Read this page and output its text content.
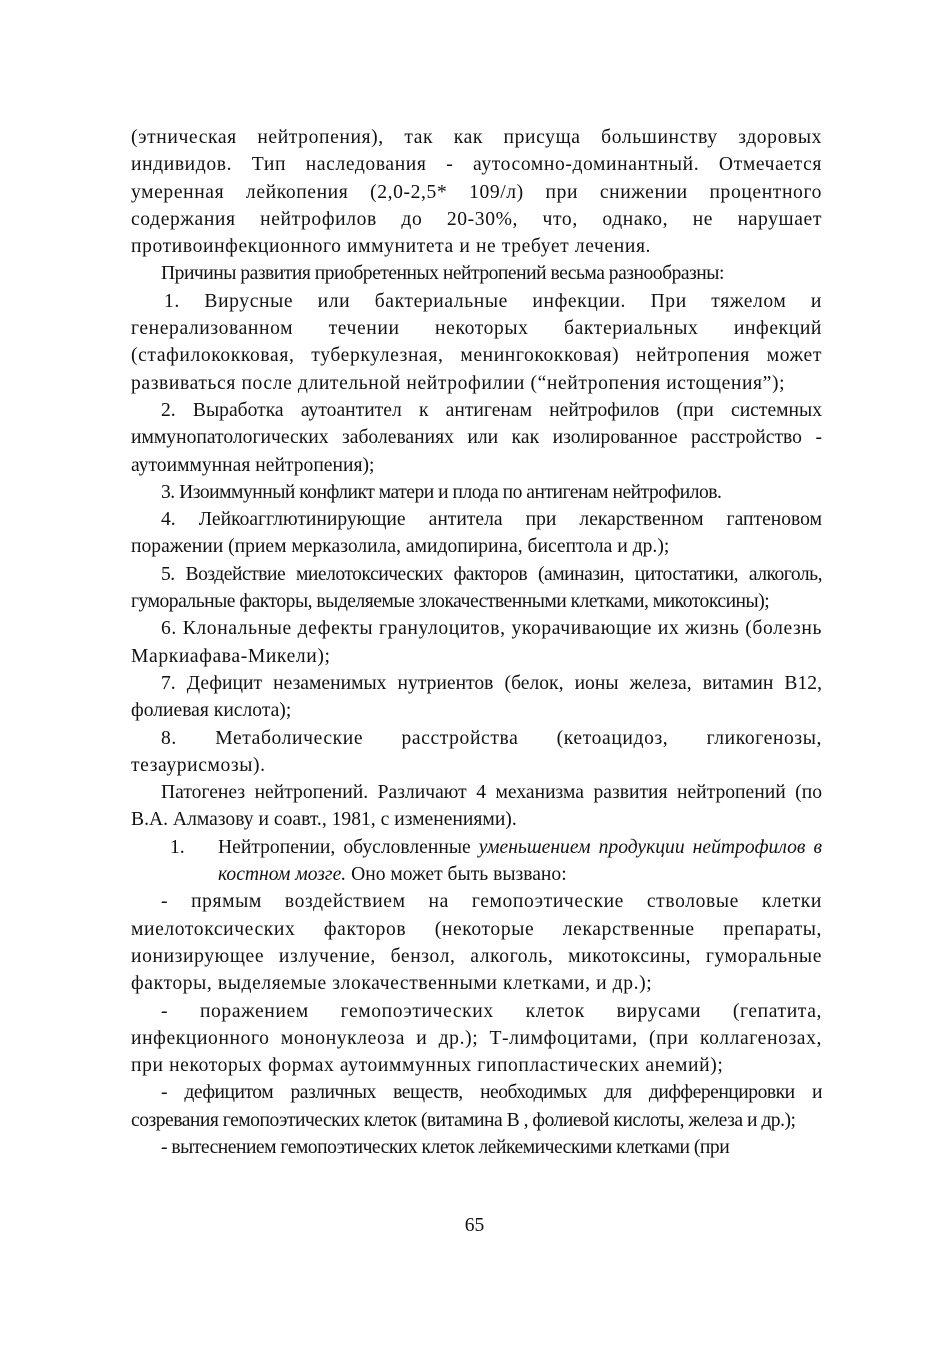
(этническая нейтропения), так как присуща большинству здоровых индивидов. Тип наследования - аутосомно-доминантный. Отмечается умеренная лейкопения (2,0-2,5* 109/л) при снижении процентного содержания нейтрофилов до 20-30%, что, однако, не нарушает противоинфекционного иммунитета и не требует лечения.

Причины развития приобретенных нейтропений весьма разнообразны:

1. Вирусные или бактериальные инфекции. При тяжелом и генерализованном течении некоторых бактериальных инфекций (стафилококковая, туберкулезная, менингококковая) нейтропения может развиваться после длительной нейтрофилии (“нейтропения истощения”);

2. Выработка аутоантител к антигенам нейтрофилов (при системных иммунопатологических заболеваниях или как изолированное расстройство - аутоиммунная нейтропения);

3. Изоиммунный конфликт матери и плода по антигенам нейтрофилов.

4. Лейкоагглютинирующие антитела при лекарственном гаптеновом поражении (прием мерказолила, амидопирина, бисептола и др.);

5. Воздействие миелотоксических факторов (аминазин, цитостатики, алкоголь, гуморальные факторы, выделяемые злокачественными клетками, микотоксины);

6. Клональные дефекты гранулоцитов, укорачивающие их жизнь (болезнь Маркиафава-Микели);

7. Дефицит незаменимых нутриентов (белок, ионы железа, витамин В12, фолиевая кислота);

8. Метаболические расстройства (кетоацидоз, гликогенозы, тезаурисмозы).

Патогенез нейтропений. Различают 4 механизма развития нейтропений (по В.А. Алмазову и соавт., 1981, с изменениями).

1.	Нейтропении, обусловленные уменьшением продукции нейтрофилов в костном мозге. Оно может быть вызвано:

- прямым воздействием на гемопоэтические стволовые клетки миелотоксических факторов (некоторые лекарственные препараты, ионизирующее излучение, бензол, алкоголь, микотоксины, гуморальные факторы, выделяемые злокачественными клетками, и др.);

- поражением гемопоэтических клеток вирусами (гепатита, инфекционного мононуклеоза и др.); Т-лимфоцитами, (при коллагенозах, при некоторых формах аутоиммунных гипопластических анемий);

- дефицитом различных веществ, необходимых для дифференцировки и созревания гемопоэтических клеток (витамина В , фолиевой кислоты, железа и др.);

- вытеснением гемопоэтических клеток лейкемическими клетками (при

65
